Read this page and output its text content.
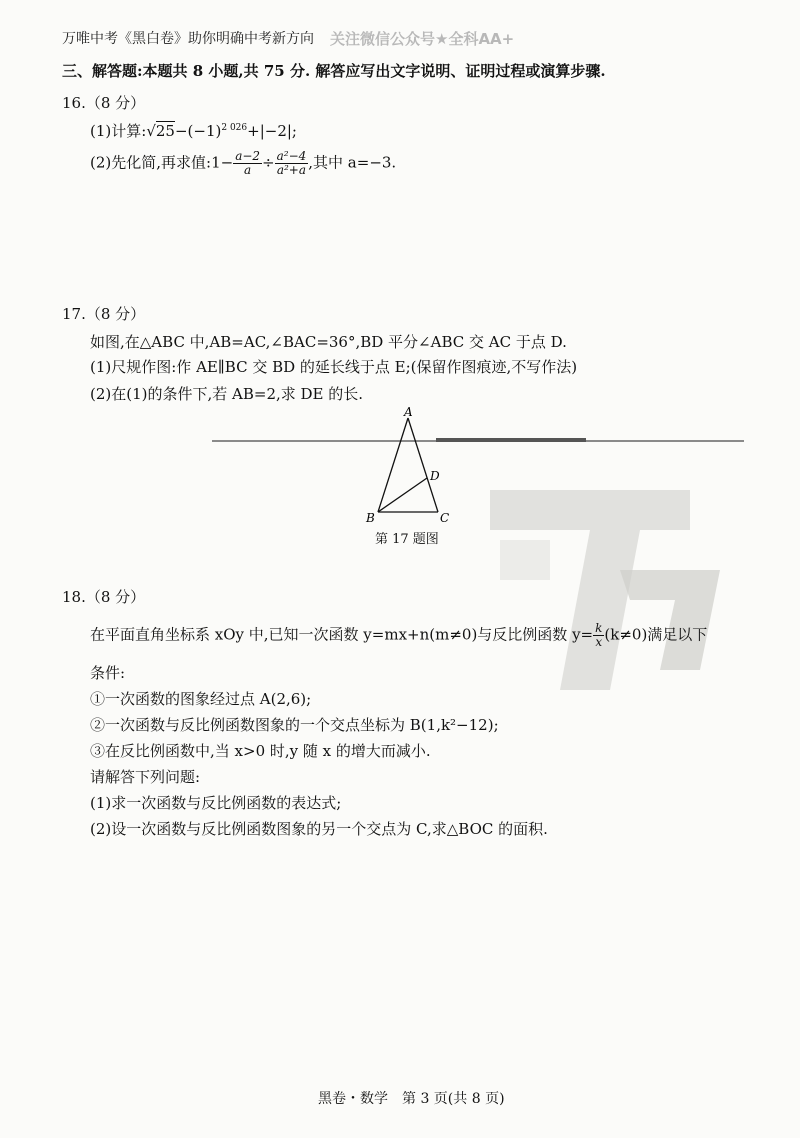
万唯中考《黑白卷》助你明确中考新方向 关注微信公众号★全科AA+
三、解答题:本题共 8 小题,共 75 分. 解答应写出文字说明、证明过程或演算步骤.
16.（8 分）
(1)计算$:√25-(-1)^{2 026}+|-2|$;
(2)先化简,再求值:1− $\frac{a-2}{a} \div \frac{\text{a²−4}}{\text{a²+a}}$ ,其中 a=−3.
17.（8 分）
如图,在△ABC 中,AB=AC,∠BAC=36°,BD 平分∠ABC 交 AC 于点 D.
(1)尺规作图:作 AE∥BC 交 BD 的延长线于点 E;(保留作图痕迹,不写作法)
(2)在(1)的条件下,若 AB=2,求 DE 的长.
A
B	C
D
第 17 题图
18.（8 分）
在平面直角坐标系 xOy 中,已知一次函数 y=mx+n(m≠0)与反比例函数 $y= \frac{k}{x} (k\ne 0)$满足以下
条件:
①一次函数的图象经过点 A(2,6);
②一次函数与反比例函数图象的一个交点坐标为 B(1,k²−12);
③在反比例函数中,当 x>0 时,y 随 x 的增大而减小.
请解答下列问题:
(1)求一次函数与反比例函数的表达式;
(2)设一次函数与反比例函数图象的另一个交点为 C,求△BOC 的面积.
黑卷・数学　第 3 页(共 8 页)
